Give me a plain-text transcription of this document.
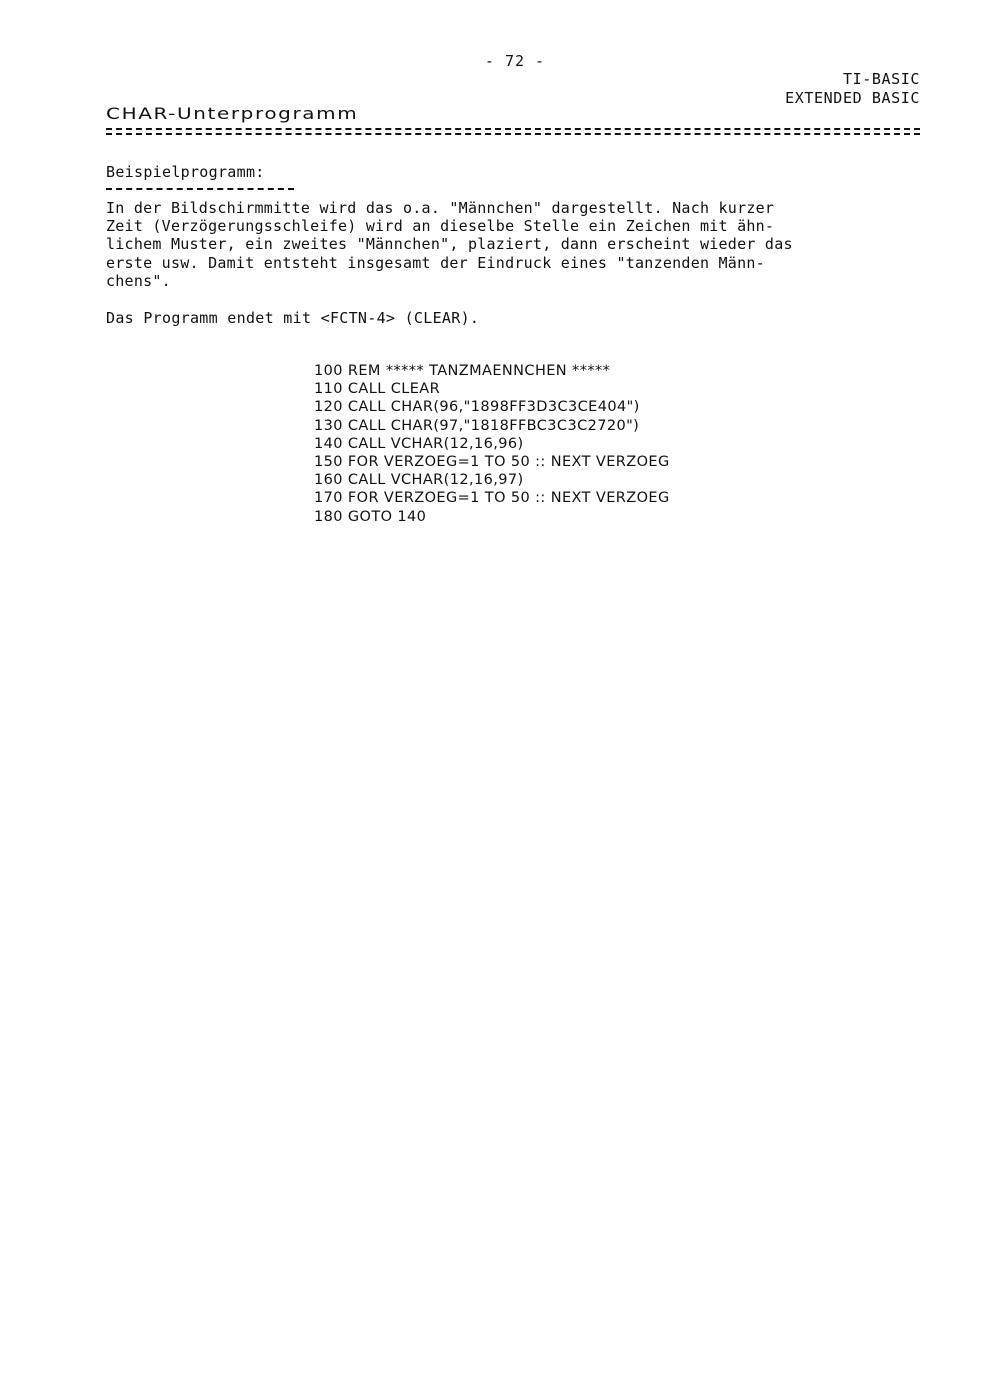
- 72 -
TI-BASIC
EXTENDED BASIC
CHAR-Unterprogramm
Beispielprogramm:

In der Bildschirmmitte wird das o.a. "Männchen" dargestellt. Nach kurzer
Zeit (Verzögerungsschleife) wird an dieselbe Stelle ein Zeichen mit ähn-
lichem Muster, ein zweites "Männchen", plaziert, dann erscheint wieder das
erste usw. Damit entsteht insgesamt der Eindruck eines "tanzenden Männ-
chens".

Das Programm endet mit <FCTN-4> (CLEAR).
100 REM ***** TANZMAENNCHEN *****
110 CALL CLEAR
120 CALL CHAR(96,"1898FF3D3C3CE404")
130 CALL CHAR(97,"1818FFBC3C3C2720")
140 CALL VCHAR(12,16,96)
150 FOR VERZOEG=1 TO 50 :: NEXT VERZOEG
160 CALL VCHAR(12,16,97)
170 FOR VERZOEG=1 TO 50 :: NEXT VERZOEG
180 GOTO 140
